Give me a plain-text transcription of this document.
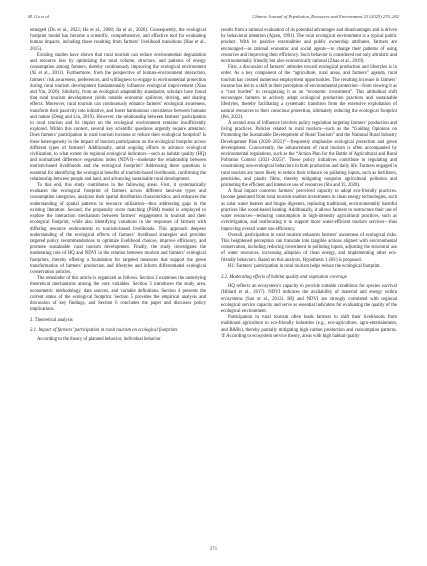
M. Gu et al.	Chinese Journal of Population, Resources and Environment 23 (2025) 270–282

emerged (Du et al., 2022; He et al., 2008; Jia et al., 2020). Consequently, the ecological footprint model has become a scientific, comprehensive, and effective tool for evaluating human impacts, including those resulting from farmers’ livelihood transitions (Hao et al., 2015).

Existing studies have shown that rural tourism can reduce environmental degradation and resource loss by optimizing the total volume, structure, and patterns of energy consumption among farmers, thereby continuously improving the ecological environment (Xi et al., 2011). Furthermore, from the perspective of human–environment interaction, farmers’ risk awareness, preferences, and willingness to engage in environmental protection during rural tourism development fundamentally influence ecological improvement (Xiao and Yin, 2020). Similarly, from an ecological adaptability standpoint, scholars have found that rural tourism development yields notable economic spillover, driving, and sharing effects. Moreover, rural tourism can continuously enhance farmers’ ecological awareness, transform their passivity into initiative, and foster harmonious coexistence between humans and nature (Deng and Liu, 2019). However, the relationship between farmers’ participation in rural tourism and its impact on the ecological environment remains insufficiently explored. Within this context, several key scientific questions urgently require attention: Does farmers’ participation in rural tourism increase or reduce their ecological footprint? Is there heterogeneity in the impact of tourism participation on the ecological footprint across different types of farmers? Additionally, amid ongoing efforts to advance ecological civilization, to what extent do regional ecological indicators—such as habitat quality (HQ) and normalized difference vegetation index (NDVI)—moderate the relationship between tourism-based livelihoods and the ecological footprint? Addressing these questions is essential for identifying the ecological benefits of tourism-based livelihoods, confirming the relationship between people and land, and advancing sustainable rural development.

To this end, this study contributes in the following areas. First, it systematically evaluates the ecological footprint of farmers across different land-use types and consumption categories, analyzes their spatial distribution characteristics, and enhances the understanding of spatial patterns in resource utilization—thus addressing gaps in the existing literature. Second, the propensity score matching (PSM) model is employed to explore the interaction mechanism between farmers’ engagement in tourism and their ecological footprint, while also identifying variations in the responses of farmers with differing resource endowments to tourism-based livelihoods. This approach deepens understanding of the ecological effects of farmers’ livelihood strategies and provides targeted policy recommendations to optimize livelihood choices, improve efficiency, and promote sustainable rural tourism development. Finally, the study investigates the moderating role of HQ and NDVI in the relation between tourism and farmers’ ecological footprints, thereby offering a foundation for targeted measures that support the green transformation of farmers’ production and lifestyles and inform differentiated ecological conservation policies.

The remainder of this article is organized as follows. Section 2 examines the underlying theoretical mechanisms among the core variables. Section 3 introduces the study area, econometric methodology, data sources, and variable definitions. Section 4 presents the current status of the ecological footprint. Section 5 provides the empirical analysis and discussion of key findings, and Section 6 concludes the paper and discusses policy implications.

2. Theoretical analysis

2.1. Impact of farmers’ participation in rural tourism on ecological footprints

According to the theory of planned behavior, individual behavior

results from a rational evaluation of its potential advantages and disadvantages and is driven by behavioral intention (Ajzen, 1991). The rural ecological environment is a typical public product. With its positive externalities and public ownership attributes, farmers are encouraged—as rational economic and social agents—to change their patterns of using resources and improving their efficiency. Such behavior is considered not only altruistic and environmentally friendly but also economically rational (Zhao et al., 2019).

First, a discussion of farmers’ attitudes toward ecological production and lifestyles is in order. As a key component of the “agriculture, rural areas, and farmers” agenda, rural tourism has created numerous employment opportunities. The resulting increase in farmers’ income has led to a shift in their perception of environmental protection—from viewing it as a “cost burden” to recognizing it as an “economic investment”. This attitudinal shift encourages farmers to actively adopt ecological production practices and sustainable lifestyles, thereby facilitating a systematic transition from the extensive exploitation of natural resources to their conscious protection, ultimately reducing the ecological footprint (Pei, 2022).

A second area of influence involves policy regulation targeting farmers’ production and living practices. Policies related to rural tourism—such as the “Guiding Opinions on Promoting the Sustainable Development of Rural Tourism” and the National Rural Industry Development Plan (2020–2025)”—frequently emphasize ecological protection and green development. Concurrently, the advancement of rural tourism is often accompanied by environmental regulations, such as the “Action Plan for the Battle of Agricultural and Rural Pollution Control (2021–2025)”. These policy initiatives contribute to regulating and constraining non-ecological behaviors in both production and daily life. Farmers engaged in rural tourism are more likely to reduce their reliance on polluting inputs, such as fertilizers, pesticides, and plastic films, thereby mitigating nonpoint agricultural pollution and promoting the efficient and intensive use of resources (Shi and Yi, 2020).

A final impact concerns farmers’ perceived capacity to adopt eco-friendly practices. Income generated from rural tourism enables investments in clean energy technologies, such as solar water heaters and biogas digesters, replacing traditional, environmentally harmful practices like wood-based heating. Additionally, it allows farmers to restructure their use of water resources—reducing consumption in high-intensity agricultural practices, such as overirrigation, and reallocating it to support more water-efficient tourism services—thus improving overall water use efficiency.

Overall, participation in rural tourism enhances farmers’ awareness of ecological risks. This heightened perception can translate into tangible actions aligned with environmental conservation, including reducing investment in polluting inputs, adjusting the structural use of water resources, increasing adoption of clean energy, and implementing other eco-friendly behaviors. Based on this analysis, Hypothesis 1 (H1) is proposed.

H1: Farmers’ participation in rural tourism helps reduce the ecological footprint.

2.2. Moderating effects of habitat quality and vegetation coverage

HQ reflects an ecosystem’s capacity to provide suitable conditions for species survival (Hillard et al., 2017). NDVI indicates the availability of material and energy within ecosystems (Sun et al., 2012). HQ and NDVI are strongly correlated with regional ecological service capacity and serve as essential indicators for evaluating the quality of the ecological environment.

Participation in rural tourism often leads farmers to shift their livelihoods from traditional agriculture to eco-friendly industries (e.g., eco-agriculture, agro-entertainment, and B&Bs), thereby partially mitigating high-carbon production and consumption patterns. ① According to ecosystem service theory, areas with high habitat quality

271
